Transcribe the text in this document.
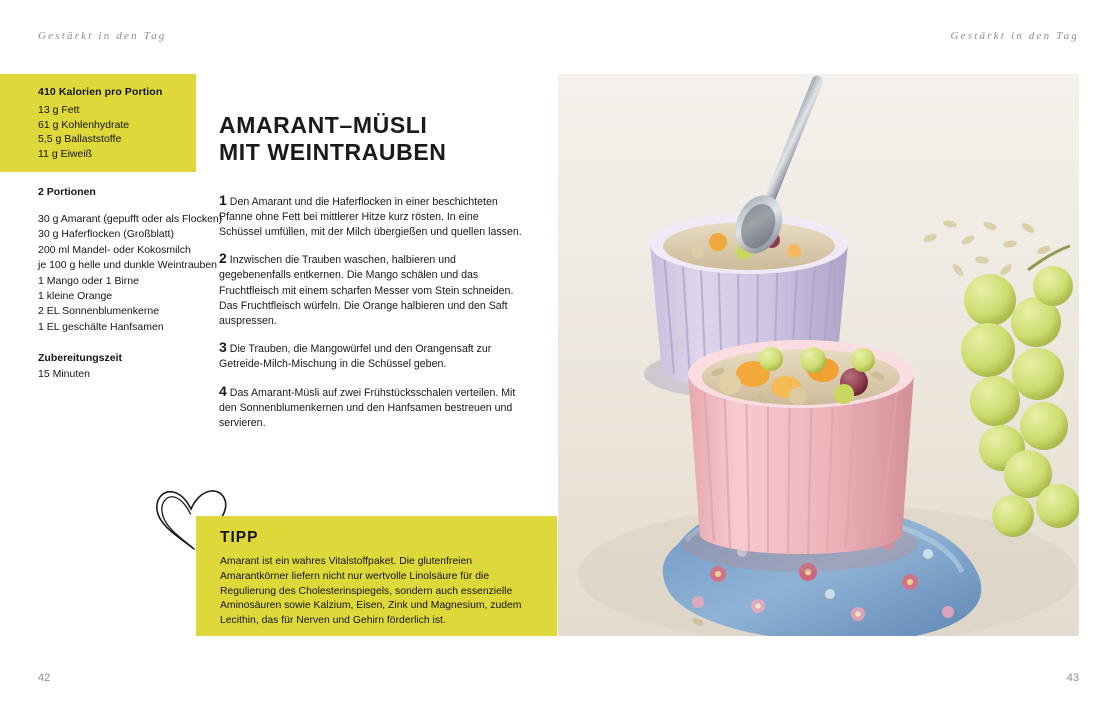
Gestärkt in den Tag	Gestärkt in den Tag
42	43
410 Kalorien pro Portion
13 g Fett
61 g Kohlenhydrate
5,5 g Ballaststoffe
11 g Eiweiß
2 Portionen
30 g Amarant (gepufft oder als Flocken)
30 g Haferflocken (Großblatt)
200 ml Mandel- oder Kokosmilch
je 100 g helle und dunkle Weintrauben
1 Mango oder 1 Birne
1 kleine Orange
2 EL Sonnenblumenkerne
1 EL geschälte Hanfsamen
Zubereitungszeit
15 Minuten
AMARANT–MÜSLI
MIT WEINTRAUBEN

1 Den Amarant und die Haferflocken in einer beschichteten Pfanne ohne Fett bei mittlerer Hitze kurz rösten. In eine Schüssel umfüllen, mit der Milch übergießen und quellen lassen.

2 Inzwischen die Trauben waschen, halbieren und gegebenenfalls entkernen. Die Mango schälen und das Fruchtfleisch mit einem scharfen Messer vom Stein schneiden. Das Fruchtfleisch würfeln. Die Orange halbieren und den Saft auspressen.

3 Die Trauben, die Mangowürfel und den Orangensaft zur Getreide-Milch-Mischung in die Schüssel geben.

4 Das Amarant-Müsli auf zwei Frühstücksschalen verteilen. Mit den Sonnenblumenkernen und den Hanfsamen bestreuen und servieren.

TIPP
Amarant ist ein wahres Vitalstoffpaket. Die glutenfreien Amarantkörner liefern nicht nur wertvolle Linolsäure für die Regulierung des Cholesterinspiegels, sondern auch essenzielle Aminosäuren sowie Kalzium, Eisen, Zink und Magnesium, zudem Lecithin, das für Nerven und Gehirn förderlich ist.
